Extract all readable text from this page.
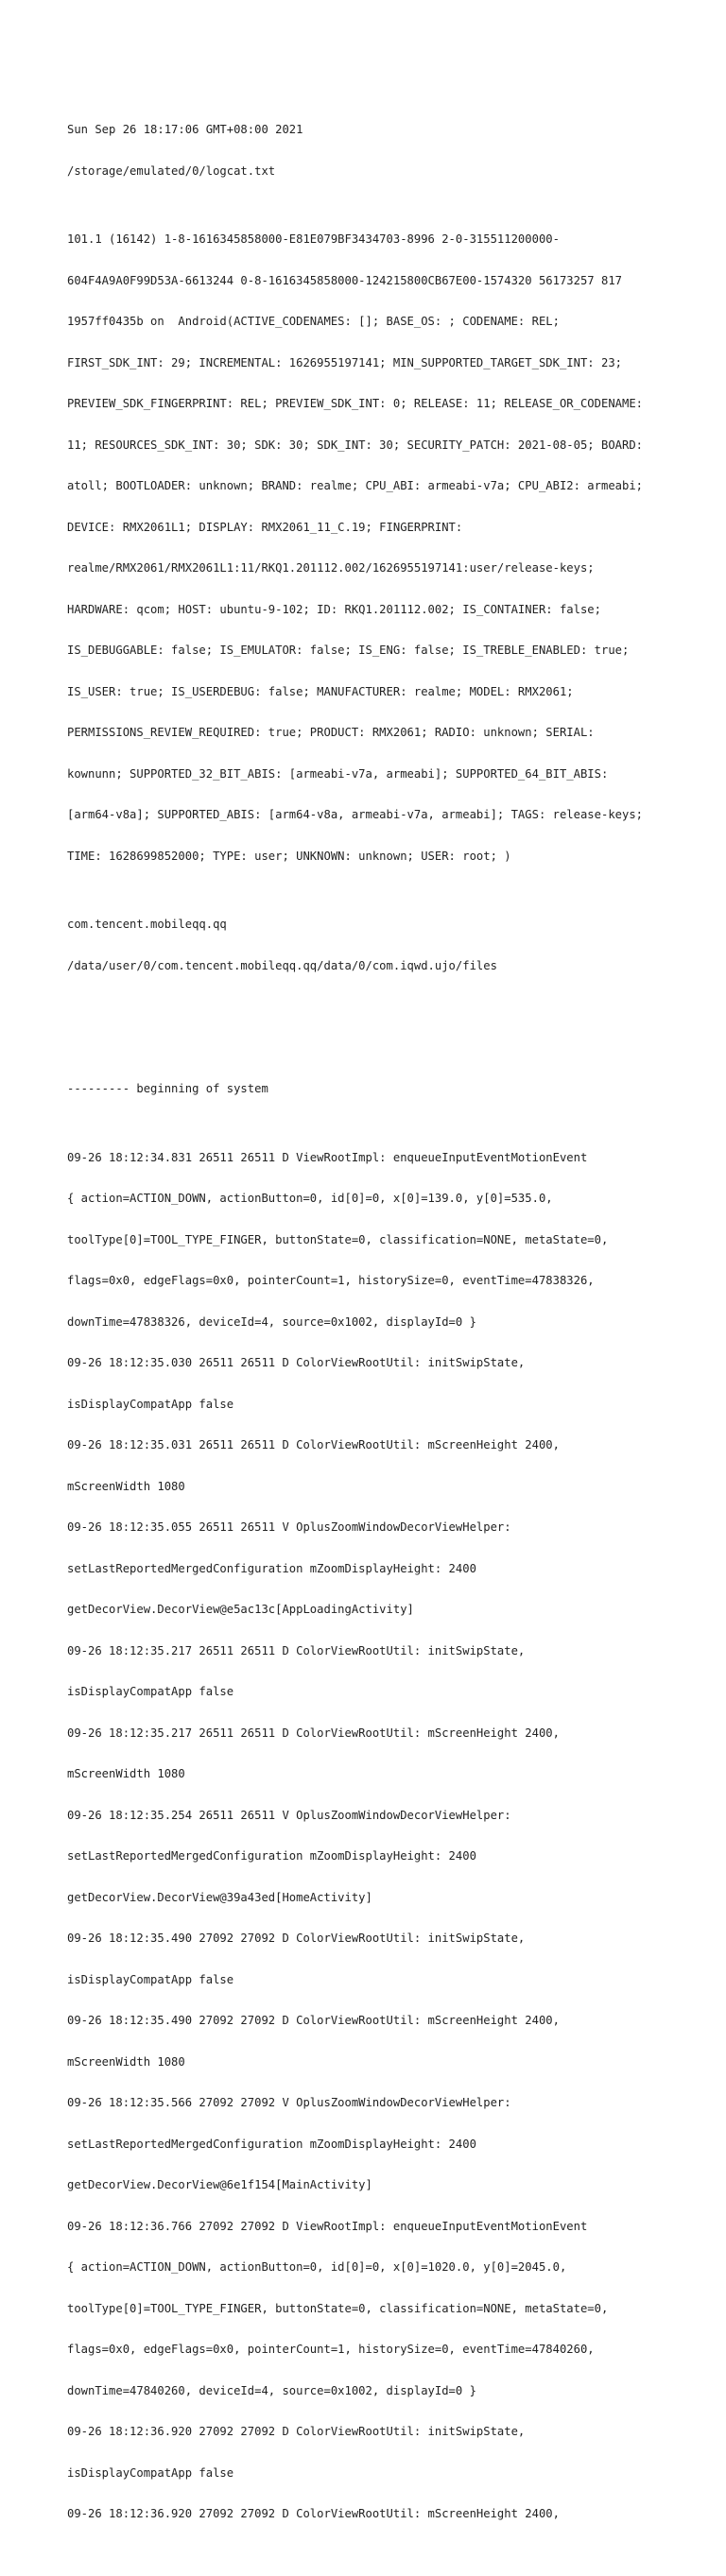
Sun Sep 26 18:17:06 GMT+08:00 2021

/storage/emulated/0/logcat.txt

101.1 (16142) 1-8-1616345858000-E81E079BF3434703-8996 2-0-315511200000-

604F4A9A0F99D53A-6613244 0-8-1616345858000-124215800CB67E00-1574320 56173257 817

1957ff0435b on  Android(ACTIVE_CODENAMES: []; BASE_OS: ; CODENAME: REL;

FIRST_SDK_INT: 29; INCREMENTAL: 1626955197141; MIN_SUPPORTED_TARGET_SDK_INT: 23;

PREVIEW_SDK_FINGERPRINT: REL; PREVIEW_SDK_INT: 0; RELEASE: 11; RELEASE_OR_CODENAME:

11; RESOURCES_SDK_INT: 30; SDK: 30; SDK_INT: 30; SECURITY_PATCH: 2021-08-05; BOARD:

atoll; BOOTLOADER: unknown; BRAND: realme; CPU_ABI: armeabi-v7a; CPU_ABI2: armeabi;

DEVICE: RMX2061L1; DISPLAY: RMX2061_11_C.19; FINGERPRINT:

realme/RMX2061/RMX2061L1:11/RKQ1.201112.002/1626955197141:user/release-keys;

HARDWARE: qcom; HOST: ubuntu-9-102; ID: RKQ1.201112.002; IS_CONTAINER: false;

IS_DEBUGGABLE: false; IS_EMULATOR: false; IS_ENG: false; IS_TREBLE_ENABLED: true;

IS_USER: true; IS_USERDEBUG: false; MANUFACTURER: realme; MODEL: RMX2061;

PERMISSIONS_REVIEW_REQUIRED: true; PRODUCT: RMX2061; RADIO: unknown; SERIAL:

kownunn; SUPPORTED_32_BIT_ABIS: [armeabi-v7a, armeabi]; SUPPORTED_64_BIT_ABIS:

[arm64-v8a]; SUPPORTED_ABIS: [arm64-v8a, armeabi-v7a, armeabi]; TAGS: release-keys;

TIME: 1628699852000; TYPE: user; UNKNOWN: unknown; USER: root; )

com.tencent.mobileqq.qq

/data/user/0/com.tencent.mobileqq.qq/data/0/com.iqwd.ujo/files

--------- beginning of system

09-26 18:12:34.831 26511 26511 D ViewRootImpl: enqueueInputEventMotionEvent

{ action=ACTION_DOWN, actionButton=0, id[0]=0, x[0]=139.0, y[0]=535.0,

toolType[0]=TOOL_TYPE_FINGER, buttonState=0, classification=NONE, metaState=0,

flags=0x0, edgeFlags=0x0, pointerCount=1, historySize=0, eventTime=47838326,

downTime=47838326, deviceId=4, source=0x1002, displayId=0 }

09-26 18:12:35.030 26511 26511 D ColorViewRootUtil: initSwipState,

isDisplayCompatApp false

09-26 18:12:35.031 26511 26511 D ColorViewRootUtil: mScreenHeight 2400,

mScreenWidth 1080

09-26 18:12:35.055 26511 26511 V OplusZoomWindowDecorViewHelper:

setLastReportedMergedConfiguration mZoomDisplayHeight: 2400

getDecorView.DecorView@e5ac13c[AppLoadingActivity]

09-26 18:12:35.217 26511 26511 D ColorViewRootUtil: initSwipState,

isDisplayCompatApp false

09-26 18:12:35.217 26511 26511 D ColorViewRootUtil: mScreenHeight 2400,

mScreenWidth 1080

09-26 18:12:35.254 26511 26511 V OplusZoomWindowDecorViewHelper:

setLastReportedMergedConfiguration mZoomDisplayHeight: 2400

getDecorView.DecorView@39a43ed[HomeActivity]

09-26 18:12:35.490 27092 27092 D ColorViewRootUtil: initSwipState,

isDisplayCompatApp false

09-26 18:12:35.490 27092 27092 D ColorViewRootUtil: mScreenHeight 2400,

mScreenWidth 1080

09-26 18:12:35.566 27092 27092 V OplusZoomWindowDecorViewHelper:

setLastReportedMergedConfiguration mZoomDisplayHeight: 2400

getDecorView.DecorView@6e1f154[MainActivity]

09-26 18:12:36.766 27092 27092 D ViewRootImpl: enqueueInputEventMotionEvent

{ action=ACTION_DOWN, actionButton=0, id[0]=0, x[0]=1020.0, y[0]=2045.0,

toolType[0]=TOOL_TYPE_FINGER, buttonState=0, classification=NONE, metaState=0,

flags=0x0, edgeFlags=0x0, pointerCount=1, historySize=0, eventTime=47840260,

downTime=47840260, deviceId=4, source=0x1002, displayId=0 }

09-26 18:12:36.920 27092 27092 D ColorViewRootUtil: initSwipState,

isDisplayCompatApp false

09-26 18:12:36.920 27092 27092 D ColorViewRootUtil: mScreenHeight 2400,
